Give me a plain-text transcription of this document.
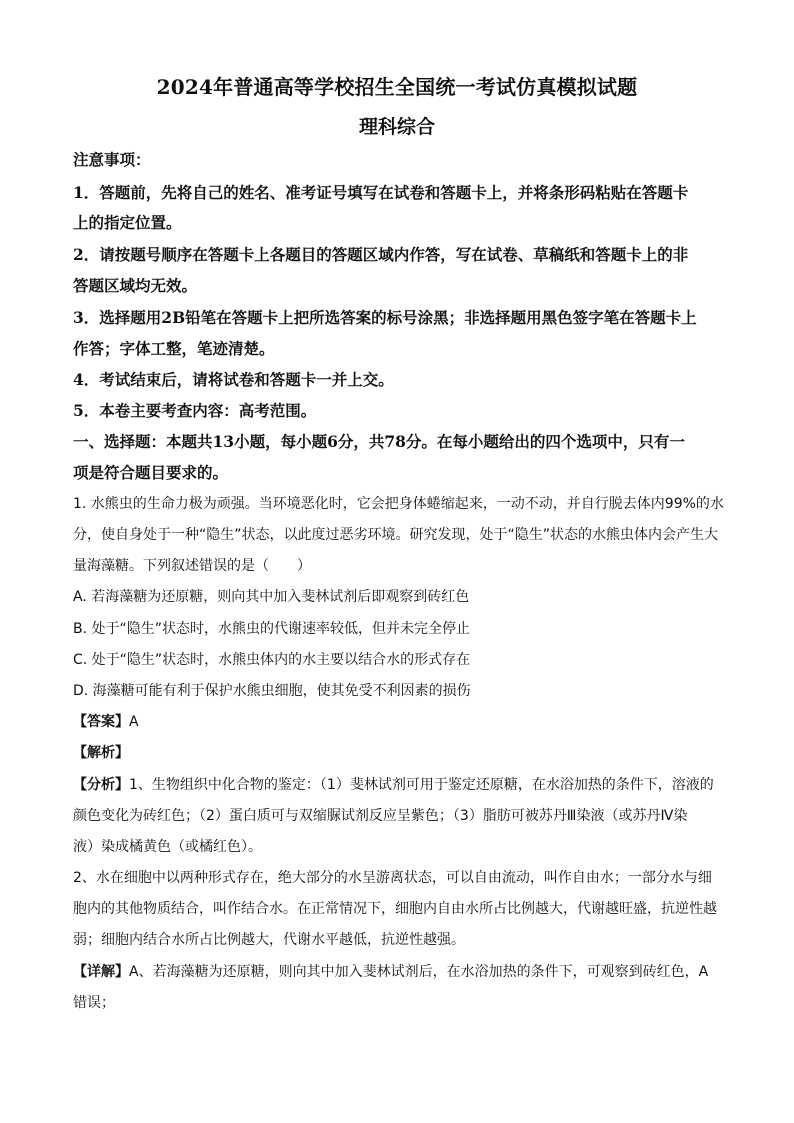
2024年普通高等学校招生全国统一考试仿真模拟试题
理科综合
注意事项：
1．答题前，先将自己的姓名、准考证号填写在试卷和答题卡上，并将条形码粘贴在答题卡
上的指定位置。
2．请按题号顺序在答题卡上各题目的答题区域内作答，写在试卷、草稿纸和答题卡上的非
答题区域均无效。
3．选择题用2B铅笔在答题卡上把所选答案的标号涂黑；非选择题用黑色签字笔在答题卡上
作答；字体工整，笔迹清楚。
4．考试结束后，请将试卷和答题卡一并上交。
5．本卷主要考查内容：高考范围。
一、选择题：本题共13小题，每小题6分，共78分。在每小题给出的四个选项中，只有一
项是符合题目要求的。
1. 水熊虫的生命力极为顽强。当环境恶化时，它会把身体蜷缩起来，一动不动，并自行脱去体内99%的水
分，使自身处于一种“隐生”状态，以此度过恶劣环境。研究发现，处于“隐生”状态的水熊虫体内会产生大
量海藻糖。下列叙述错误的是（　　）
A. 若海藻糖为还原糖，则向其中加入斐林试剂后即观察到砖红色
B. 处于“隐生”状态时，水熊虫的代谢速率较低，但并未完全停止
C. 处于“隐生”状态时，水熊虫体内的水主要以结合水的形式存在
D. 海藻糖可能有利于保护水熊虫细胞，使其免受不利因素的损伤
【答案】A
【解析】
【分析】1、生物组织中化合物的鉴定：（1）斐林试剂可用于鉴定还原糖，在水浴加热的条件下，溶液的
颜色变化为砖红色；（2）蛋白质可与双缩脲试剂反应呈紫色；（3）脂肪可被苏丹Ⅲ染液（或苏丹Ⅳ染
液）染成橘黄色（或橘红色）。
2、水在细胞中以两种形式存在，绝大部分的水呈游离状态，可以自由流动，叫作自由水；一部分水与细
胞内的其他物质结合，叫作结合水。在正常情况下，细胞内自由水所占比例越大，代谢越旺盛，抗逆性越
弱；细胞内结合水所占比例越大，代谢水平越低，抗逆性越强。
【详解】A、若海藻糖为还原糖，则向其中加入斐林试剂后，在水浴加热的条件下，可观察到砖红色，A
错误；
